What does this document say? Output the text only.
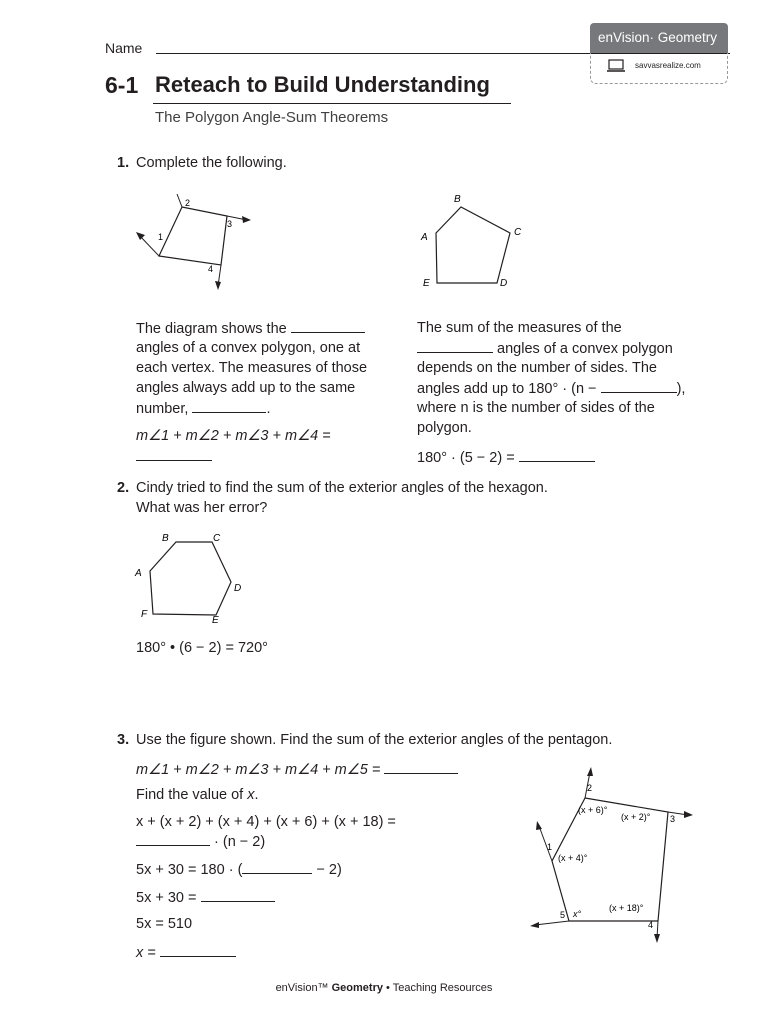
Name
enVision· Geometry
savvasrealize.com
6-1 Reteach to Build Understanding
The Polygon Angle-Sum Theorems
1. Complete the following.
1
2
3
4
A
B
C
D
E
The diagram shows the
angles of a convex polygon, one at
each vertex. The measures of those
angles always add up to the same
number,	.
m∠1 + m∠2 + m∠3 + m∠4 =
The sum of the measures of the
angles of a convex polygon
depends on the number of sides. The
angles add up to 180° · (n −	),
where n is the number of sides of the
polygon.
180° · (5 − 2) =
2. Cindy tried to find the sum of the exterior angles of the hexagon.
What was her error?
A
B	C
D
E
F
180° • (6 − 2) = 720°
3. Use the figure shown. Find the sum of the exterior angles of the pentagon.
m∠1 + m∠2 + m∠3 + m∠4 + m∠5 =
Find the value of x.
x + (x + 2) + (x + 4) + (x + 6) + (x + 18) =
· (n − 2)
5x + 30 = 180 · (	− 2)
5x + 30 =
5x = 510
x =
2
3
4
5
1
(x + 6)°
(x + 2)°
(x + 4)°
(x + 18)°
x°
enVision™ Geometry • Teaching Resources
